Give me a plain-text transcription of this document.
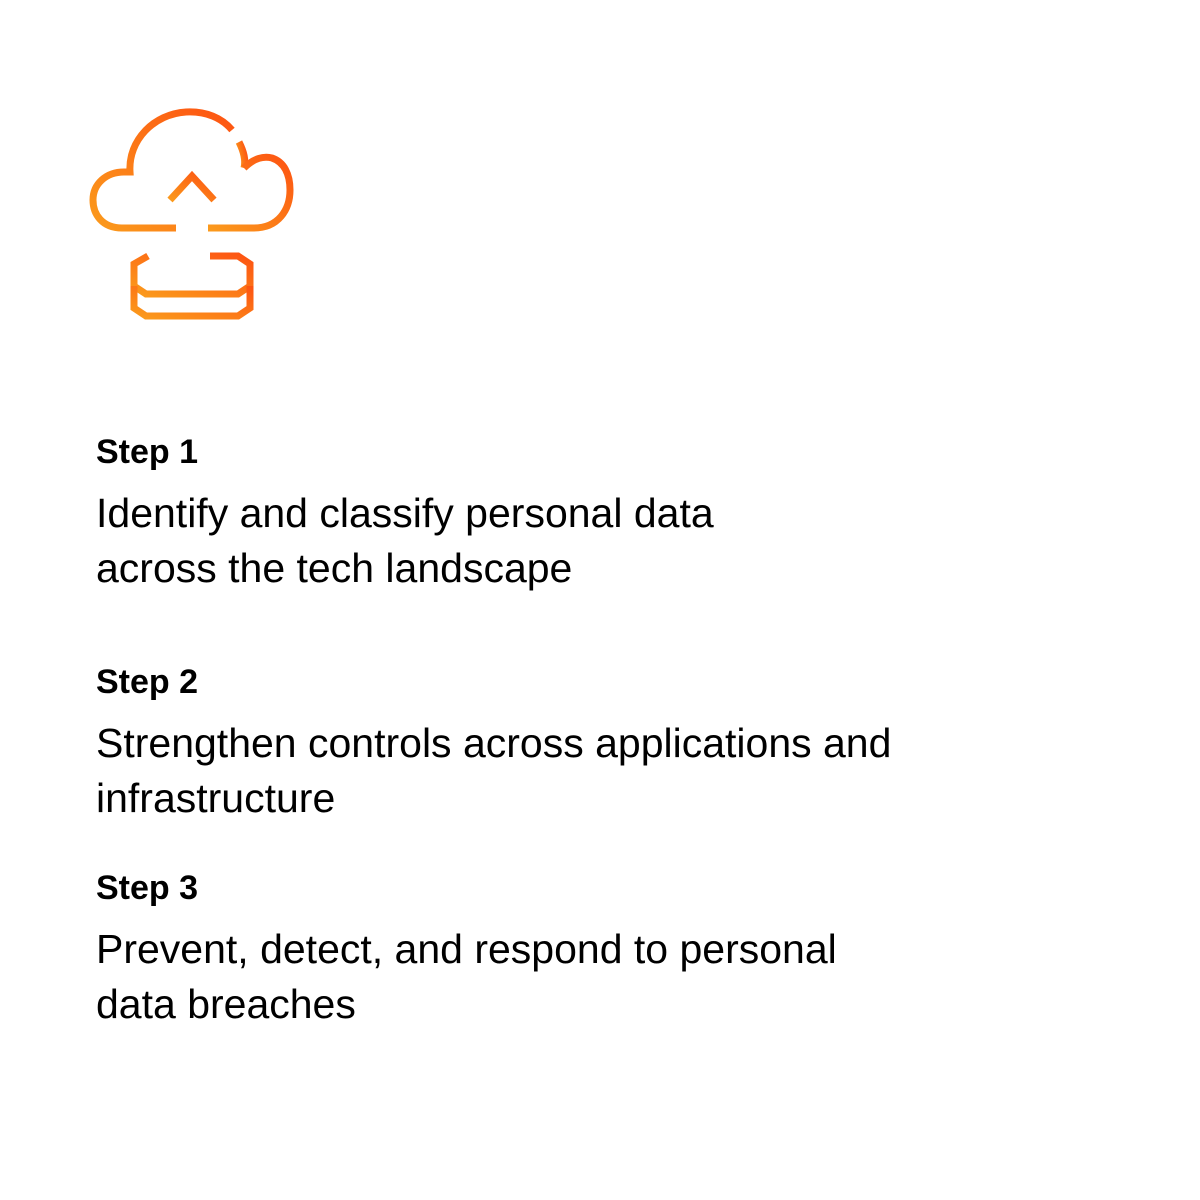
Step 1

Identify and classify personal data
across the tech landscape

Step 2

Strengthen controls across applications and
infrastructure

Step 3

Prevent, detect, and respond to personal
data breaches
